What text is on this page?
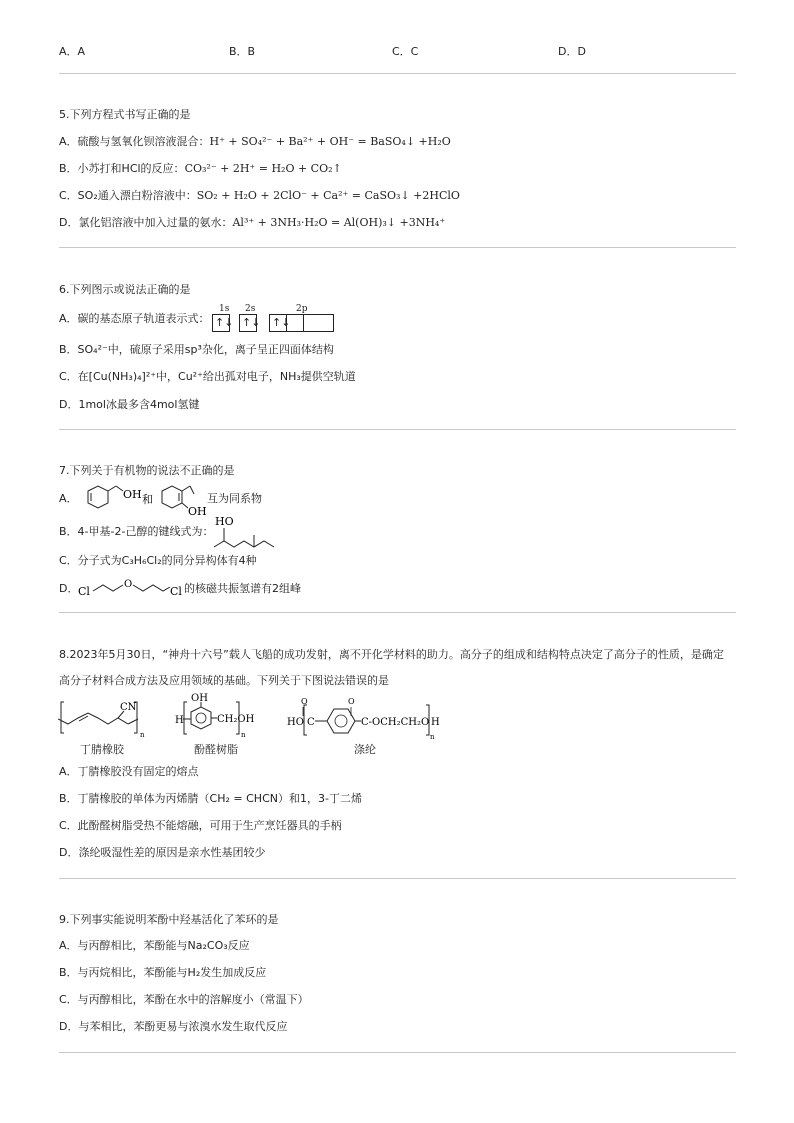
A．A	B．B	C．C	D．D
5.下列方程式书写正确的是
A．硫酸与氢氧化钡溶液混合：H⁺ + SO₄²⁻ + Ba²⁺ + OH⁻ = BaSO₄↓ +H₂O
B．小苏打和HCl的反应：CO₃²⁻ + 2H⁺ = H₂O + CO₂↑
C．SO₂通入漂白粉溶液中：SO₂ + H₂O + 2ClO⁻ + Ca²⁺ = CaSO₃↓ +2HClO
D．氯化铝溶液中加入过量的氨水：Al³⁺ + 3NH₃·H₂O = Al(OH)₃↓ +3NH₄⁺
6.下列图示或说法正确的是
A．碳的基态原子轨道表示式：
1s 2s	2p
↑↓ ↑↓ ↑↓
B．SO₄²⁻中，硫原子采用sp³杂化，离子呈正四面体结构
C．在[Cu(NH₃)₄]²⁺中，Cu²⁺给出孤对电子，NH₃提供空轨道
D．1mol冰最多含4mol氢键
7.下列关于有机物的说法不正确的是
A．	OH 和
OH
互为同系物
B．4-甲基-2-己醇的键线式为：
HO
C．分子式为C₃H₆Cl₂的同分异构体有4种
D． Cl
O
Cl 的核磁共振氢谱有2组峰
8.2023年5月30日，“神舟十六号”载人飞船的成功发射，离不开化学材料的助力。高分子的组成和结构特点决定了高分子的性质，是确定
高分子材料合成方法及应用领域的基础。下列关于下图说法错误的是
CN
n
丁腈橡胶
OH
H	CH₂OH
n
酚醛树脂
HO
O
C
O
C-OCH₂CH₂O H
n
涤纶
A．丁腈橡胶没有固定的熔点
B．丁腈橡胶的单体为丙烯腈（CH₂ = CHCN）和1，3-丁二烯
C．此酚醛树脂受热不能熔融，可用于生产烹饪器具的手柄
D．涤纶吸湿性差的原因是亲水性基团较少
9.下列事实能说明苯酚中羟基活化了苯环的是
A．与丙醇相比，苯酚能与Na₂CO₃反应
B．与丙烷相比，苯酚能与H₂发生加成反应
C．与丙醇相比，苯酚在水中的溶解度小（常温下）
D．与苯相比，苯酚更易与浓溴水发生取代反应
